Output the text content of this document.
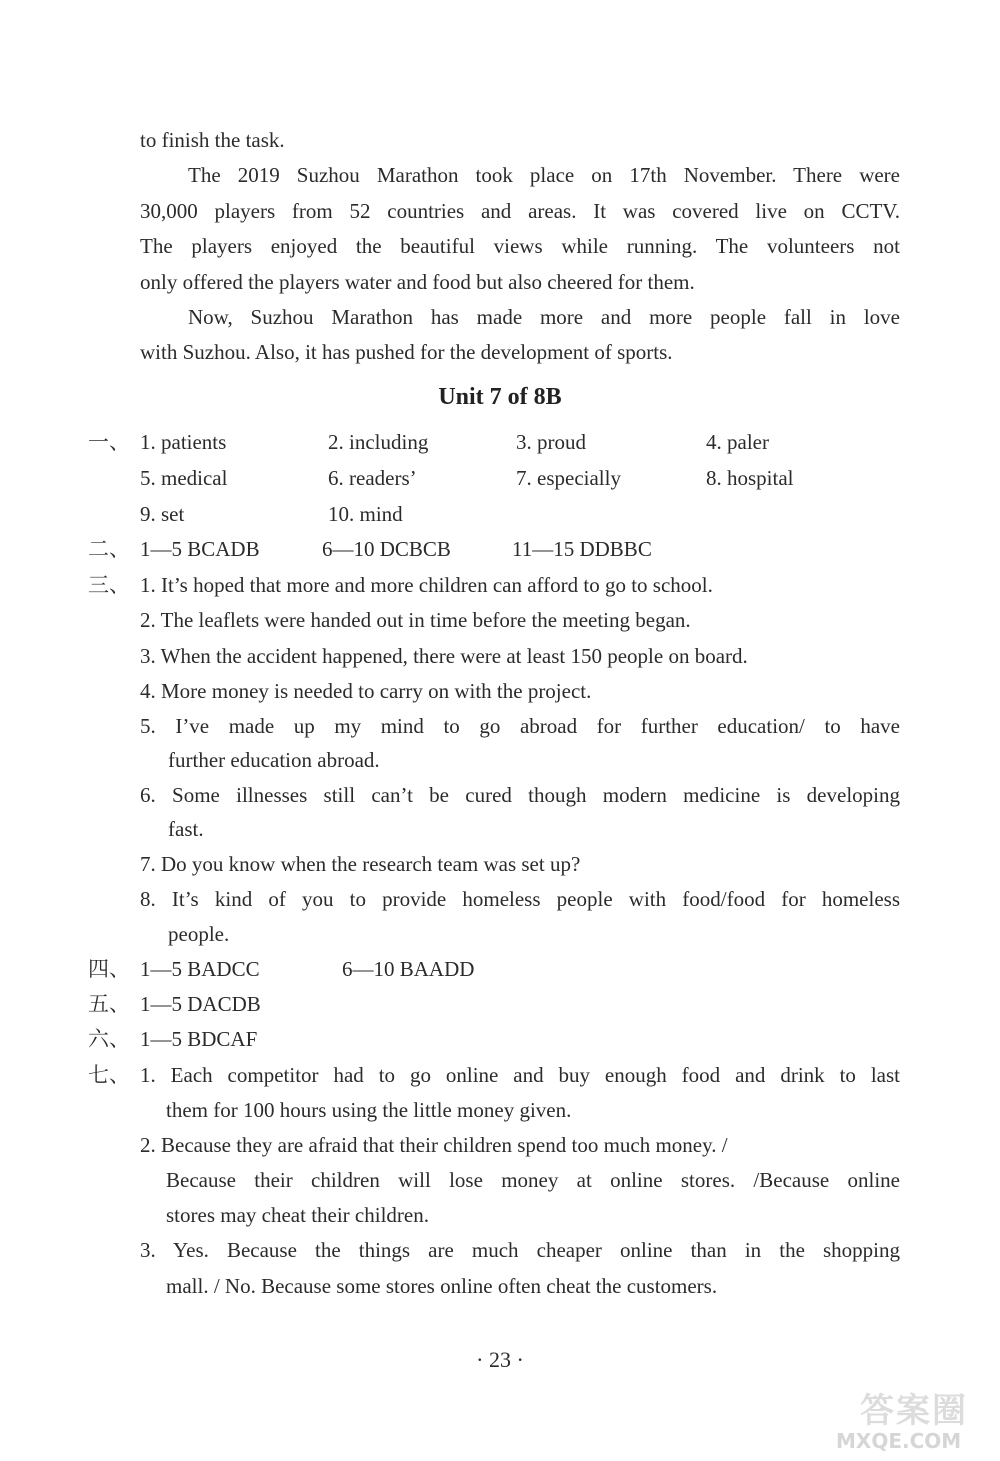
to finish the task.
The 2019 Suzhou Marathon took place on 17th November. There were
30,000 players from 52 countries and areas. It was covered live on CCTV.
The players enjoyed the beautiful views while running. The volunteers not
only offered the players water and food but also cheered for them.
Now, Suzhou Marathon has made more and more people fall in love
with Suzhou. Also, it has pushed for the development of sports.
Unit 7 of 8B
一、 1. patients	2. including	3. proud	4. paler
5. medical	6. readers’	7. especially	8. hospital
9. set	10. mind
二、 1—5 BCADB	6—10 DCBCB	11—15 DDBBC
三、 1. It’s hoped that more and more children can afford to go to school.
2. The leaflets were handed out in time before the meeting began.
3. When the accident happened, there were at least 150 people on board.
4. More money is needed to carry on with the project.
5. I’ve made up my mind to go abroad for further education/ to have
further education abroad.
6. Some illnesses still can’t be cured though modern medicine is developing
fast.
7. Do you know when the research team was set up?
8. It’s kind of you to provide homeless people with food/food for homeless
people.
四、 1—5 BADCC	6—10 BAADD
五、 1—5 DACDB
六、 1—5 BDCAF
七、 1. Each competitor had to go online and buy enough food and drink to last
them for 100 hours using the little money given.
2. Because they are afraid that their children spend too much money. /
Because their children will lose money at online stores. /Because online
stores may cheat their children.
3. Yes. Because the things are much cheaper online than in the shopping
mall. / No. Because some stores online often cheat the customers.
· 23 ·
答案圈
MXQE.COM
